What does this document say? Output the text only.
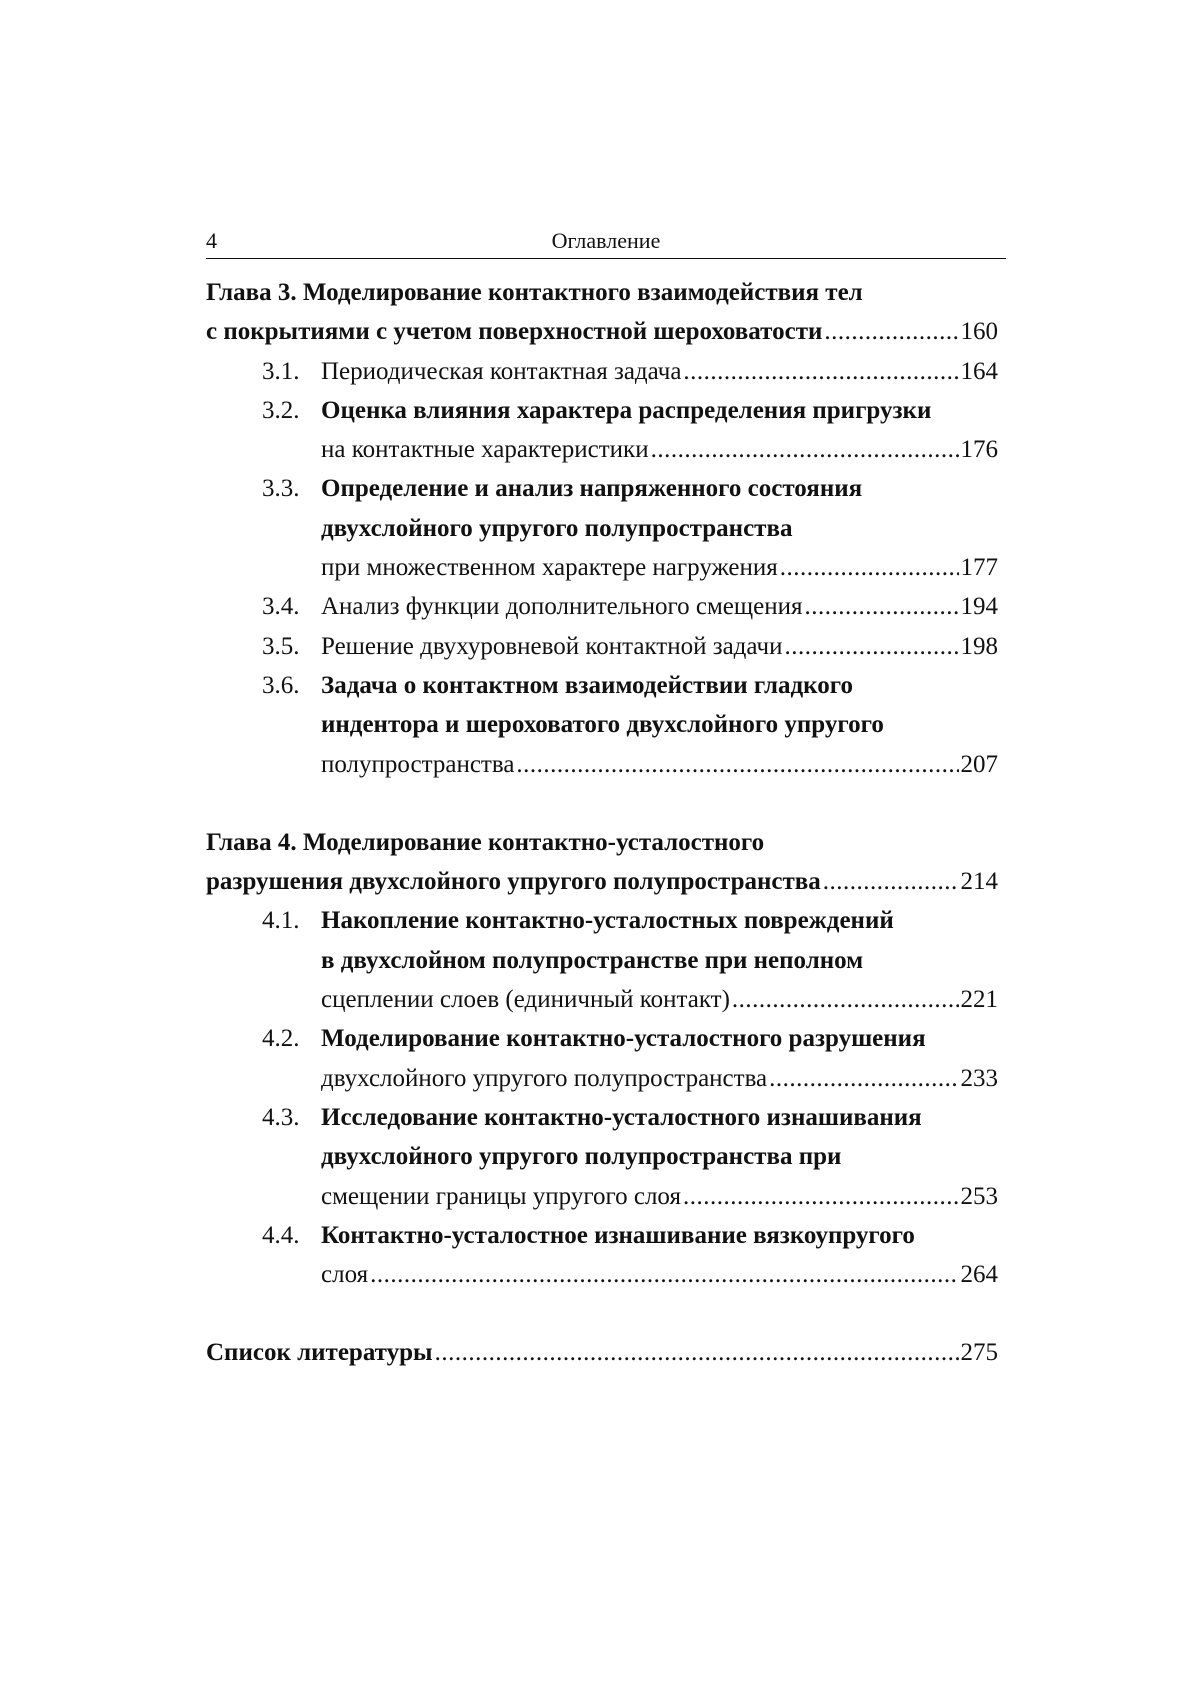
4	Оглавление
Глава 3. Моделирование контактного взаимодействия тел
с покрытиями с учетом поверхностной шероховатости .....	160
3.1. Периодическая контактная задача .....	164
3.2. Оценка влияния характера распределения пригрузки
на контактные характеристики .....	176
3.3. Определение и анализ напряженного состояния
двухслойного упругого полупространства
при множественном характере нагружения .....	177
3.4. Анализ функции дополнительного смещения .....	194
3.5. Решение двухуровневой контактной задачи .....	198
3.6. Задача о контактном взаимодействии гладкого
индентора и шероховатого двухслойного упругого
полупространства .....	207
Глава 4. Моделирование контактно-усталостного
разрушения двухслойного упругого полупространства .....	214
4.1. Накопление контактно-усталостных повреждений
в двухслойном полупространстве при неполном
сцеплении слоев (единичный контакт) .....	221
4.2. Моделирование контактно-усталостного разрушения
двухслойного упругого полупространства .....	233
4.3. Исследование контактно-усталостного изнашивания
двухслойного упругого полупространства при
смещении границы упругого слоя .....	253
4.4. Контактно-усталостное изнашивание вязкоупругого
слоя .....	264
Список литературы .....	275
